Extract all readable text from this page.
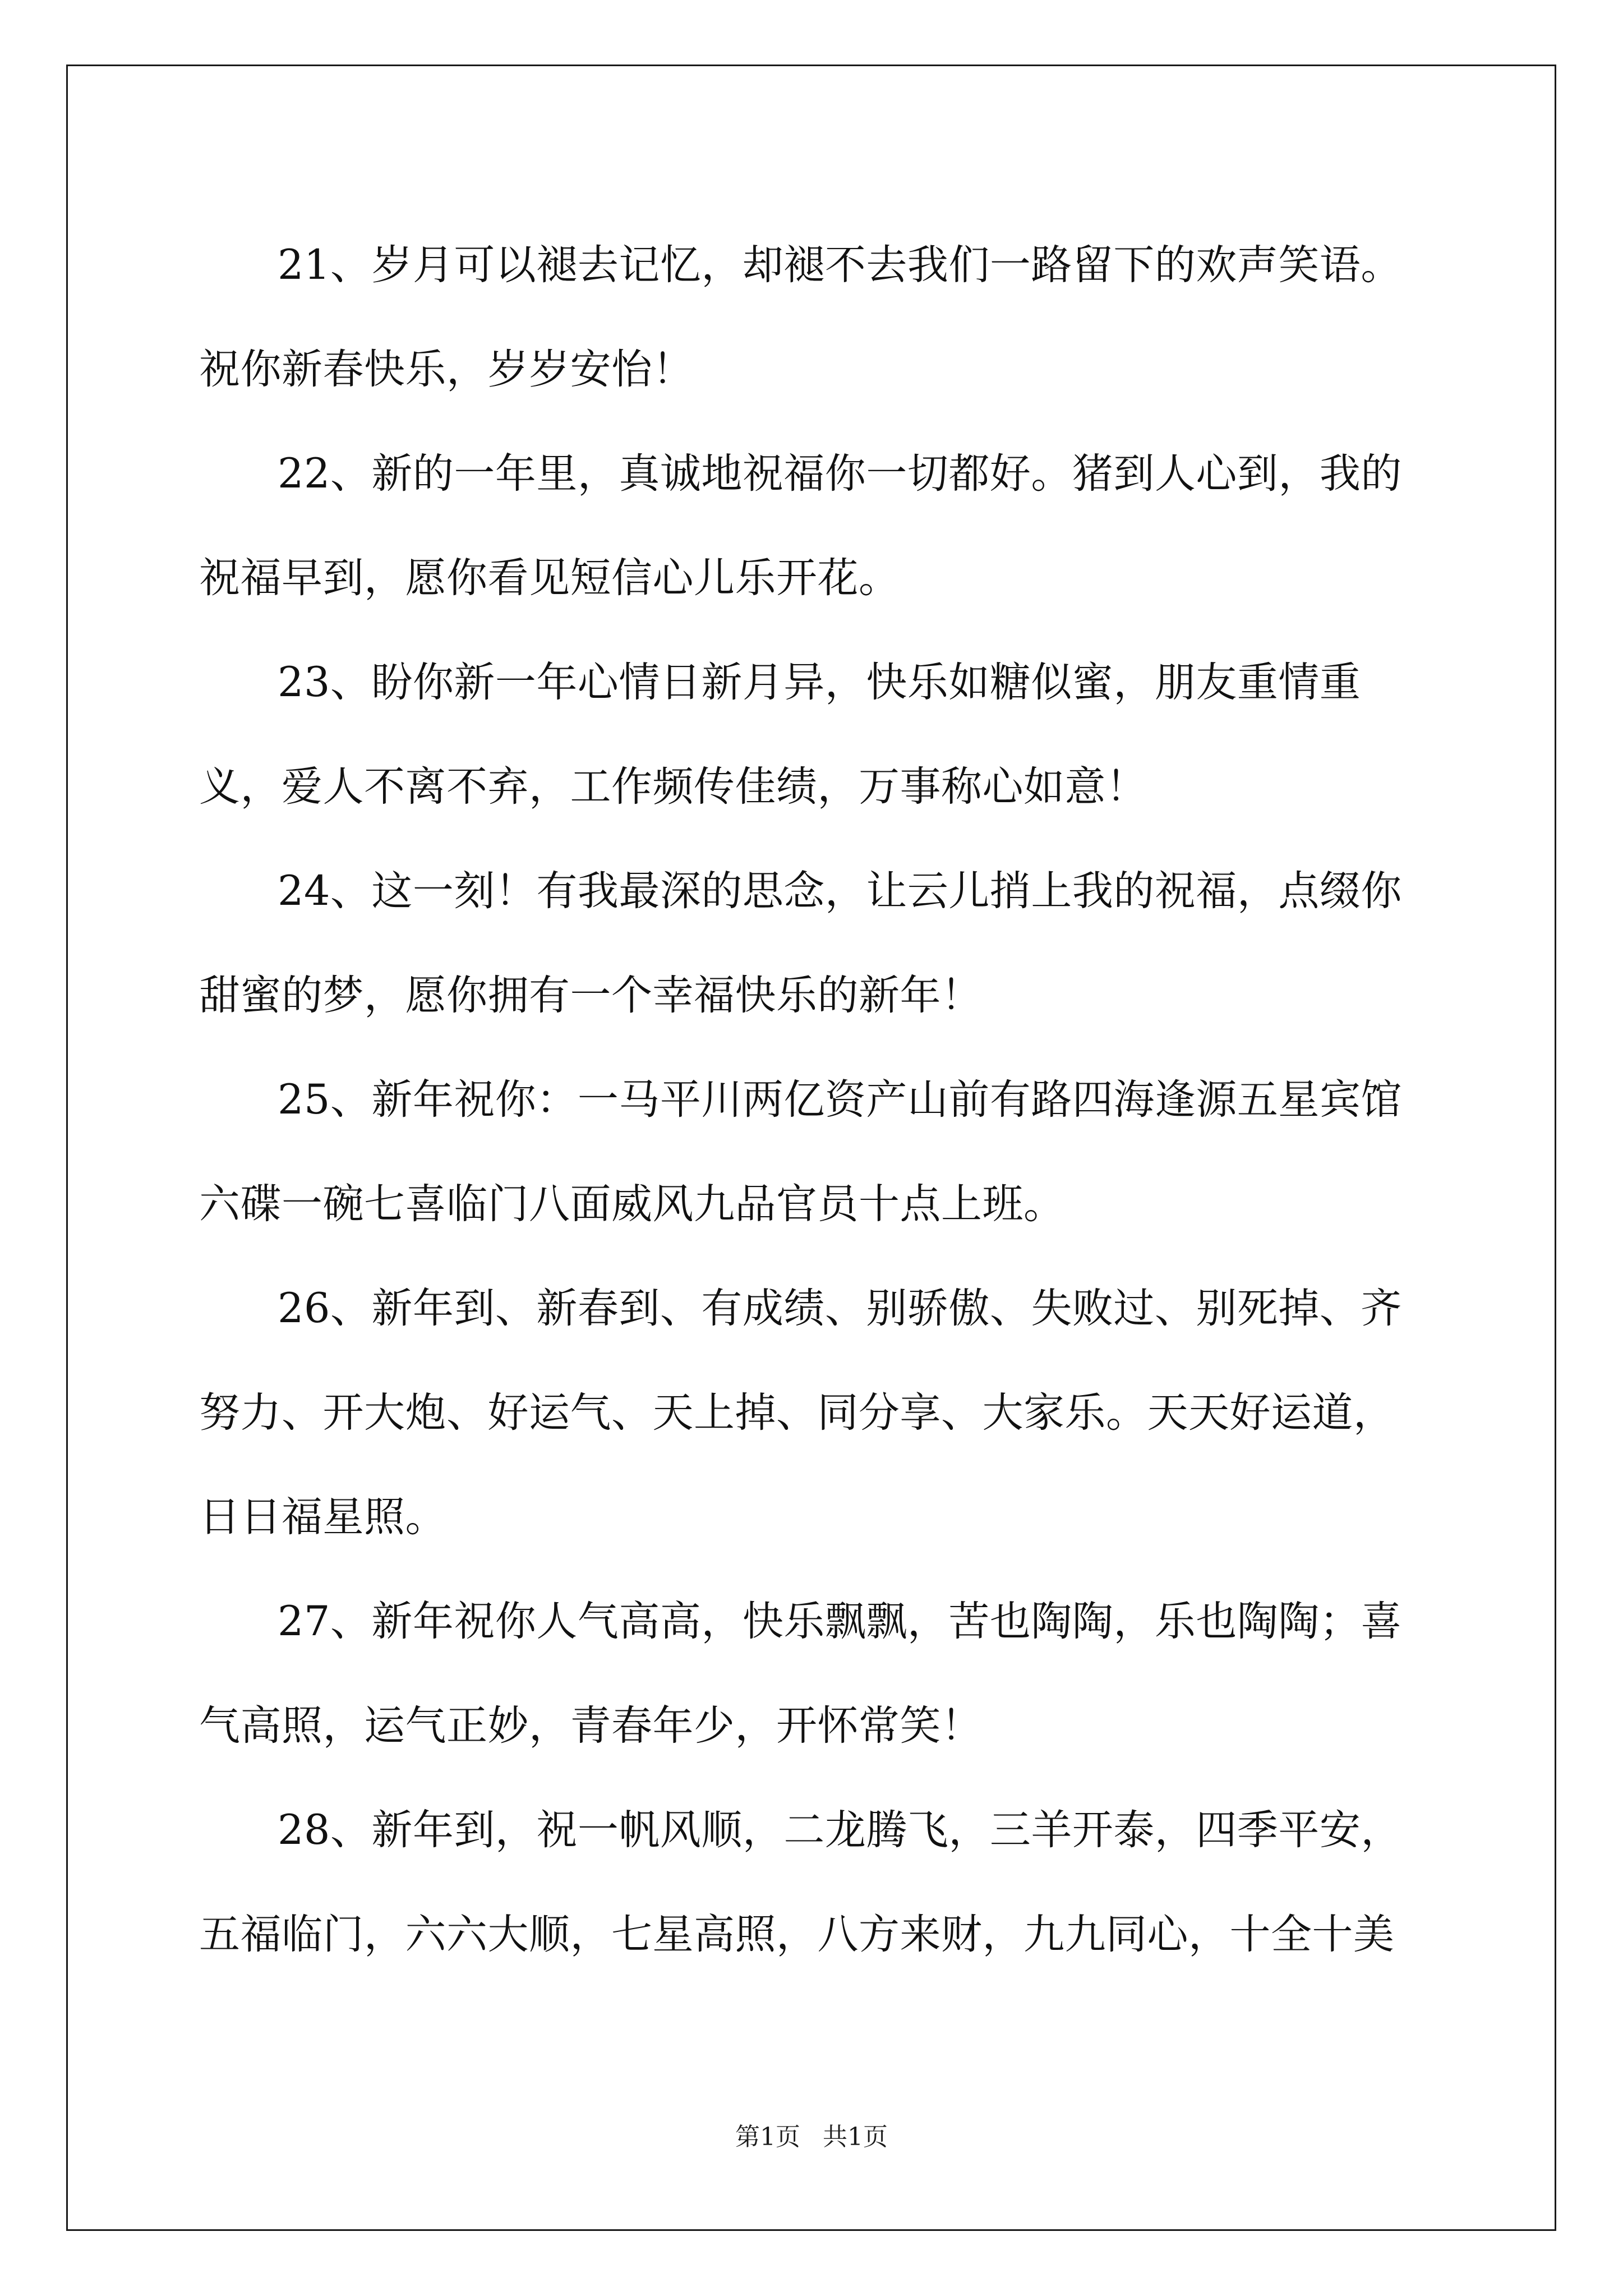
21、岁月可以褪去记忆，却褪不去我们一路留下的欢声笑语。祝你新春快乐，岁岁安怡！

22、新的一年里，真诚地祝福你一切都好。猪到人心到，我的祝福早到，愿你看见短信心儿乐开花。

23、盼你新一年心情日新月异，快乐如糖似蜜，朋友重情重义，爱人不离不弃，工作频传佳绩，万事称心如意！

24、这一刻！有我最深的思念，让云儿捎上我的祝福，点缀你甜蜜的梦，愿你拥有一个幸福快乐的新年！

25、新年祝你：一马平川两亿资产山前有路四海逢源五星宾馆六碟一碗七喜临门八面威风九品官员十点上班。

26、新年到、新春到、有成绩、别骄傲、失败过、别死掉、齐努力、开大炮、好运气、天上掉、同分享、大家乐。天天好运道，日日福星照。

27、新年祝你人气高高，快乐飘飘，苦也陶陶，乐也陶陶；喜气高照，运气正妙，青春年少，开怀常笑！

28、新年到，祝一帆风顺，二龙腾飞，三羊开泰，四季平安，五福临门，六六大顺，七星高照，八方来财，九九同心，十全十美

第1页 共1页
